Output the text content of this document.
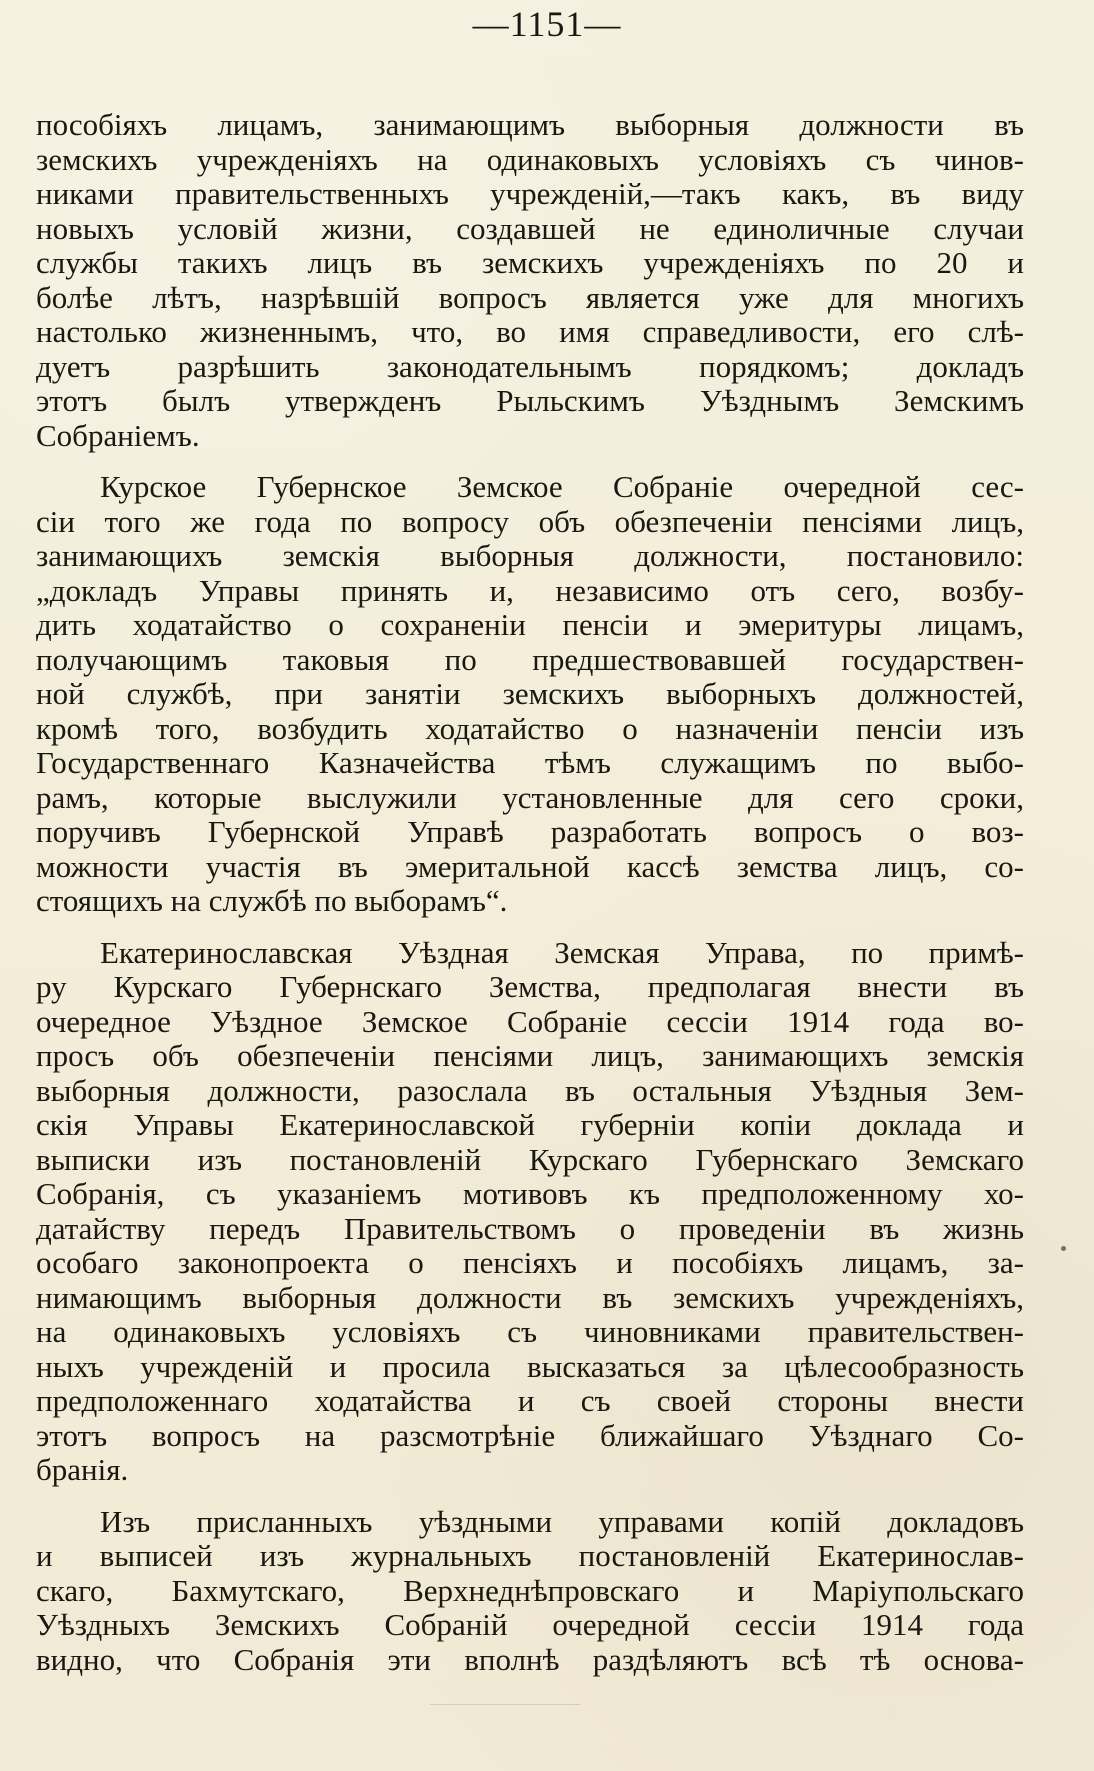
—1151—

пособіяхъ лицамъ, занимающимъ выборныя должности въ
земскихъ учрежденіяхъ на одинаковыхъ условіяхъ съ чинов-
никами правительственныхъ учрежденій,—такъ какъ, въ виду
новыхъ условій жизни, создавшей не единоличные случаи
службы такихъ лицъ въ земскихъ учрежденіяхъ по 20 и
болѣе лѣтъ, назрѣвшій вопросъ является уже для многихъ
настолько жизненнымъ, что, во имя справедливости, его слѣ-
дуетъ разрѣшить законодательнымъ порядкомъ; докладъ
этотъ былъ утвержденъ Рыльскимъ Уѣзднымъ Земскимъ
Собраніемъ.

Курское Губернское Земское Собраніе очередной сес-
сіи того же года по вопросу объ обезпеченіи пенсіями лицъ,
занимающихъ земскія выборныя должности, постановило:
„докладъ Управы принять и, независимо отъ сего, возбу-
дить ходатайство о сохраненіи пенсіи и эмеритуры лицамъ,
получающимъ таковыя по предшествовавшей государствен-
ной службѣ, при занятіи земскихъ выборныхъ должностей,
кромѣ того, возбудить ходатайство о назначеніи пенсіи изъ
Государственнаго Казначейства тѣмъ служащимъ по выбо-
рамъ, которые выслужили установленные для сего сроки,
поручивъ Губернской Управѣ разработать вопросъ о воз-
можности участія въ эмеритальной кассѣ земства лицъ, со-
стоящихъ на службѣ по выборамъ“.

Екатеринославская Уѣздная Земская Управа, по примѣ-
ру Курскаго Губернскаго Земства, предполагая внести въ
очередное Уѣздное Земское Собраніе сессіи 1914 года во-
просъ объ обезпеченіи пенсіями лицъ, занимающихъ земскія
выборныя должности, разослала въ остальныя Уѣздныя Зем-
скія Управы Екатеринославской губерніи копіи доклада и
выписки изъ постановленій Курскаго Губернскаго Земскаго
Собранія, съ указаніемъ мотивовъ къ предположенному хо-
датайству передъ Правительствомъ о проведеніи въ жизнь
особаго законопроекта о пенсіяхъ и пособіяхъ лицамъ, за-
нимающимъ выборныя должности въ земскихъ учрежденіяхъ,
на одинаковыхъ условіяхъ съ чиновниками правительствен-
ныхъ учрежденій и просила высказаться за цѣлесообразность
предположеннаго ходатайства и съ своей стороны внести
этотъ вопросъ на разсмотрѣніе ближайшаго Уѣзднаго Со-
бранія.

Изъ присланныхъ уѣздными управами копій докладовъ
и выписей изъ журнальныхъ постановленій Екатеринослав-
скаго, Бахмутскаго, Верхнеднѣпровскаго и Маріупольскаго
Уѣздныхъ Земскихъ Собраній очередной сессіи 1914 года
видно, что Собранія эти вполнѣ раздѣляютъ всѣ тѣ основа-
